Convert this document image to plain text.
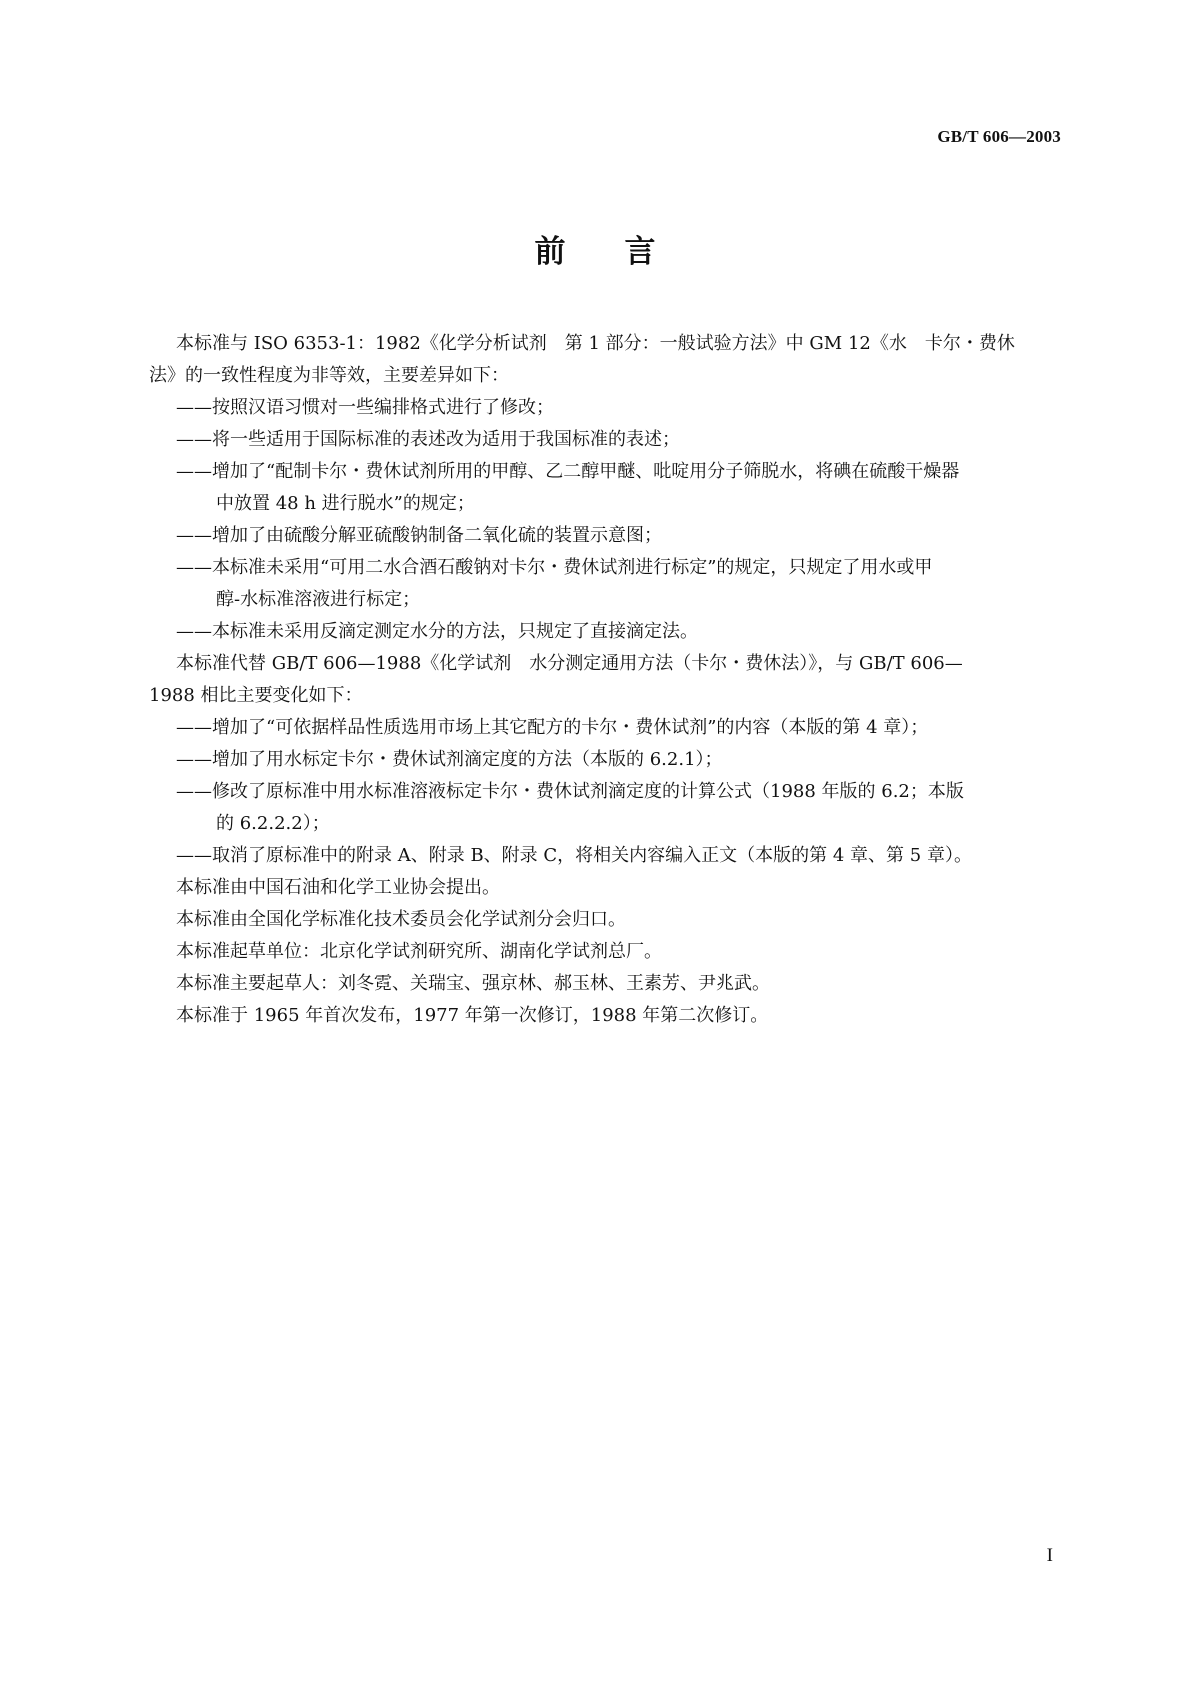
GB/T 606—2003
前 言
本标准与 ISO 6353-1：1982《化学分析试剂　第 1 部分：一般试验方法》中 GM 12《水　卡尔・费休
法》的一致性程度为非等效，主要差异如下：
——按照汉语习惯对一些编排格式进行了修改；
——将一些适用于国际标准的表述改为适用于我国标准的表述；
——增加了“配制卡尔・费休试剂所用的甲醇、乙二醇甲醚、吡啶用分子筛脱水，将碘在硫酸干燥器
中放置 48 h 进行脱水”的规定；
——增加了由硫酸分解亚硫酸钠制备二氧化硫的装置示意图；
——本标准未采用“可用二水合酒石酸钠对卡尔・费休试剂进行标定”的规定，只规定了用水或甲
醇-水标准溶液进行标定；
——本标准未采用反滴定测定水分的方法，只规定了直接滴定法。
本标准代替 GB/T 606—1988《化学试剂　水分测定通用方法（卡尔・费休法）》，与 GB/T 606—
1988 相比主要变化如下：
——增加了“可依据样品性质选用市场上其它配方的卡尔・费休试剂”的内容（本版的第 4 章）；
——增加了用水标定卡尔・费休试剂滴定度的方法（本版的 6.2.1）；
——修改了原标准中用水标准溶液标定卡尔・费休试剂滴定度的计算公式（1988 年版的 6.2；本版
的 6.2.2.2）；
——取消了原标准中的附录 A、附录 B、附录 C，将相关内容编入正文（本版的第 4 章、第 5 章）。
本标准由中国石油和化学工业协会提出。
本标准由全国化学标准化技术委员会化学试剂分会归口。
本标准起草单位：北京化学试剂研究所、湖南化学试剂总厂。
本标准主要起草人：刘冬霓、关瑞宝、强京林、郝玉林、王素芳、尹兆武。
本标准于 1965 年首次发布，1977 年第一次修订，1988 年第二次修订。
I
